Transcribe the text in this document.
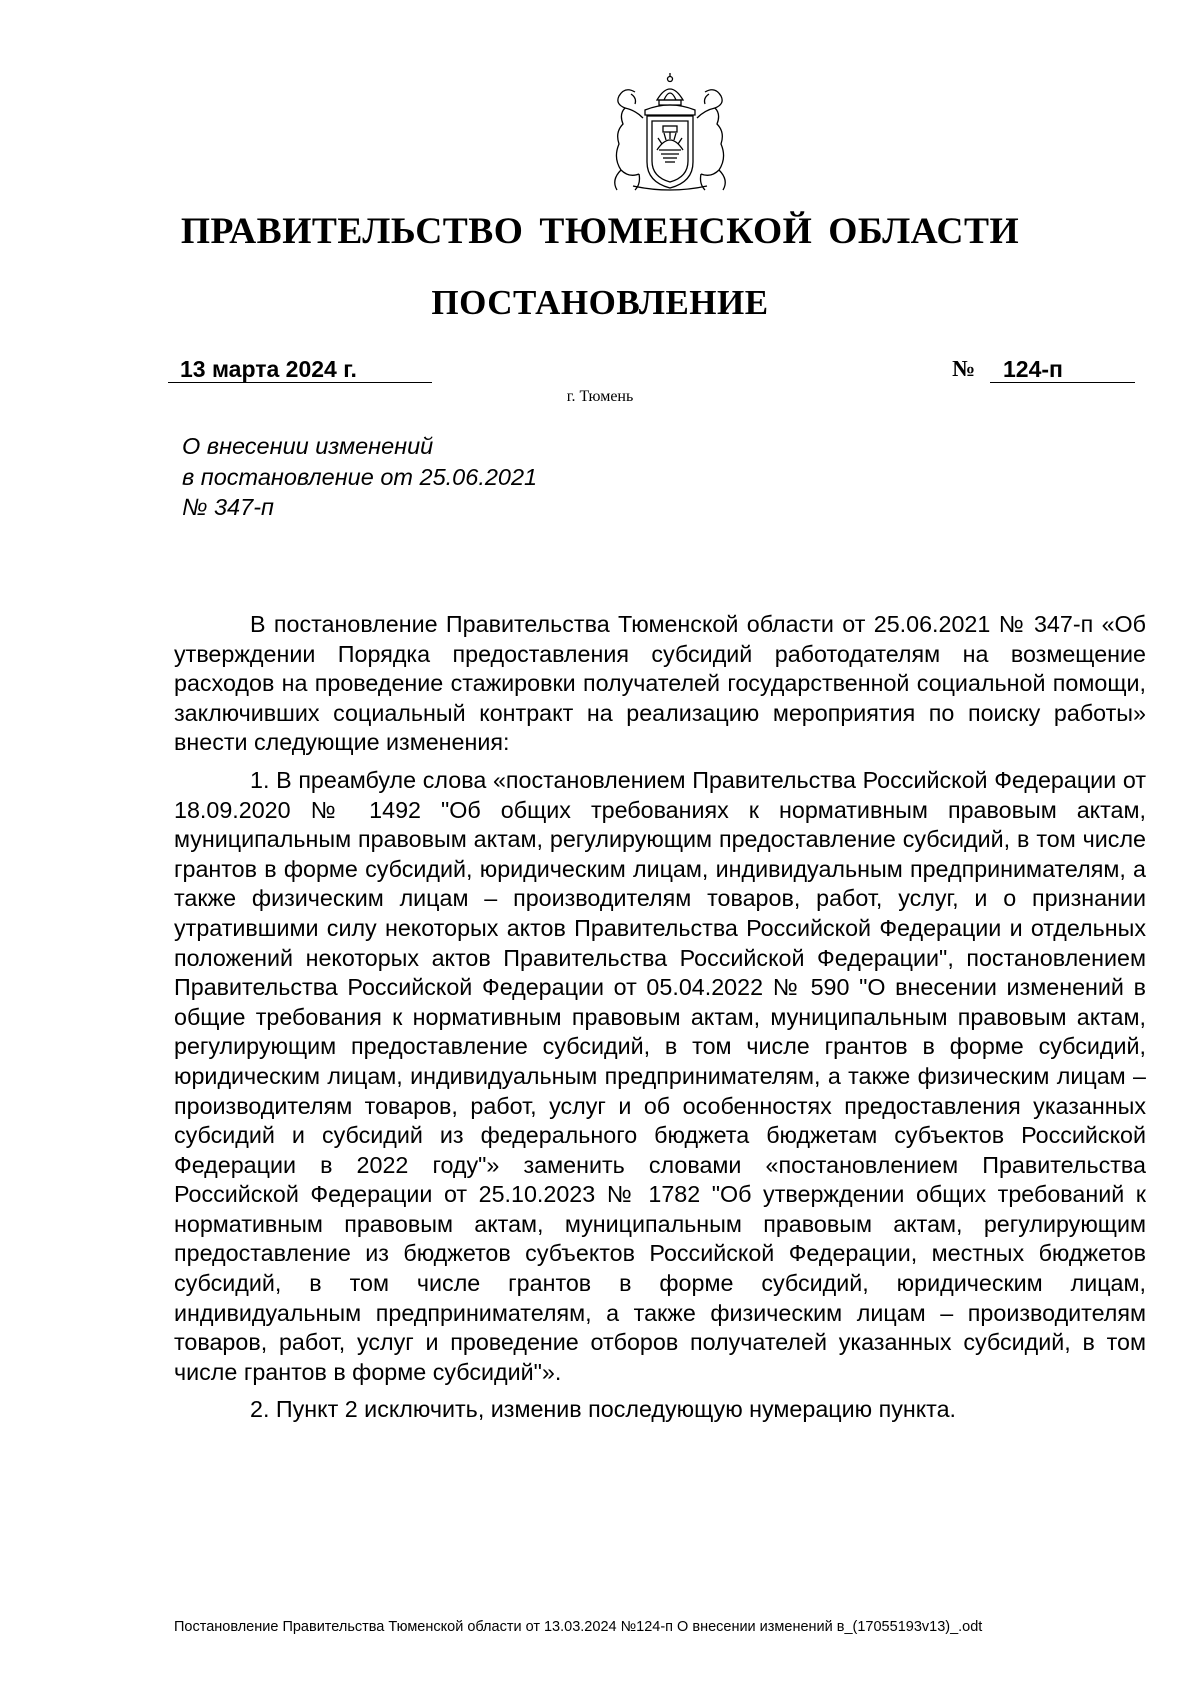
ПРАВИТЕЛЬСТВО ТЮМЕНСКОЙ ОБЛАСТИ
ПОСТАНОВЛЕНИЕ
13 марта 2024 г.	№ 124-п
г. Тюмень
О внесении изменений
в постановление от 25.06.2021
№ 347-п

В постановление Правительства Тюменской области от 25.06.2021 № 347-п «Об утверждении Порядка предоставления субсидий работодателям на возмещение расходов на проведение стажировки получателей государственной социальной помощи, заключивших социальный контракт на реализацию мероприятия по поиску работы» внести следующие изменения:

1. В преамбуле слова «постановлением Правительства Российской Федерации от 18.09.2020 № 1492 "Об общих требованиях к нормативным правовым актам, муниципальным правовым актам, регулирующим предоставление субсидий, в том числе грантов в форме субсидий, юридическим лицам, индивидуальным предпринимателям, а также физическим лицам – производителям товаров, работ, услуг, и о признании утратившими силу некоторых актов Правительства Российской Федерации и отдельных положений некоторых актов Правительства Российской Федерации", постановлением Правительства Российской Федерации от 05.04.2022 № 590 "О внесении изменений в общие требования к нормативным правовым актам, муниципальным правовым актам, регулирующим предоставление субсидий, в том числе грантов в форме субсидий, юридическим лицам, индивидуальным предпринимателям, а также физическим лицам – производителям товаров, работ, услуг и об особенностях предоставления указанных субсидий и субсидий из федерального бюджета бюджетам субъектов Российской Федерации в 2022 году"» заменить словами «постановлением Правительства Российской Федерации от 25.10.2023 № 1782 "Об утверждении общих требований к нормативным правовым актам, муниципальным правовым актам, регулирующим предоставление из бюджетов субъектов Российской Федерации, местных бюджетов субсидий, в том числе грантов в форме субсидий, юридическим лицам, индивидуальным предпринимателям, а также физическим лицам – производителям товаров, работ, услуг и проведение отборов получателей указанных субсидий, в том числе грантов в форме субсидий"».

2. Пункт 2 исключить, изменив последующую нумерацию пункта.

Постановление Правительства Тюменской области от 13.03.2024 №124-п О внесении изменений в_(17055193v13)_.odt
